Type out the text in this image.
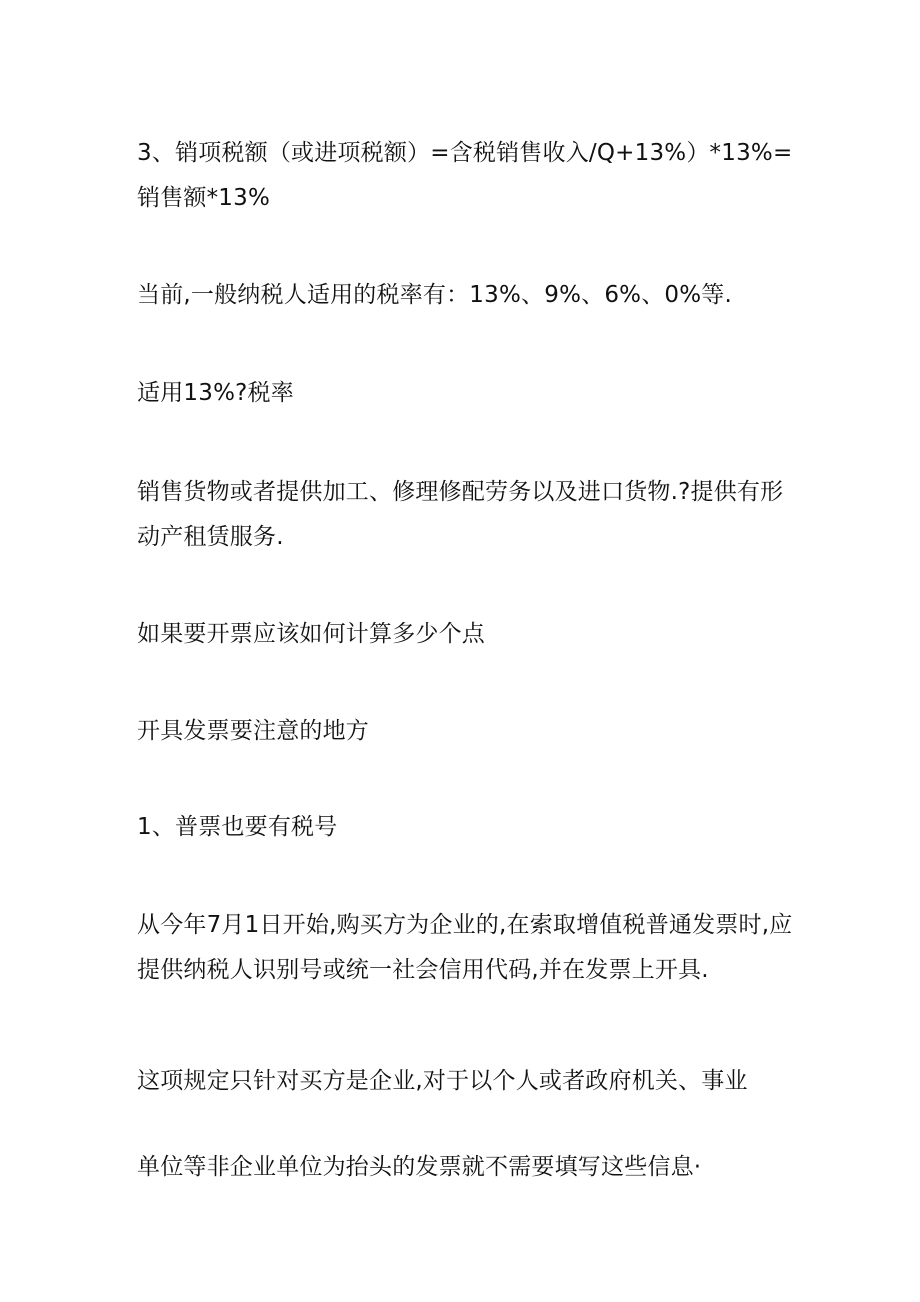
3、销项税额（或进项税额）=含税销售收入/Q+13%）*13%=销售额*13%
当前,一般纳税人适用的税率有：13%、9%、6%、0%等.
适用13%?税率
销售货物或者提供加工、修理修配劳务以及进口货物.?提供有形动产租赁服务.
如果要开票应该如何计算多少个点
开具发票要注意的地方
1、普票也要有税号
从今年7月1日开始,购买方为企业的,在索取增值税普通发票时,应提供纳税人识别号或统一社会信用代码,并在发票上开具.
这项规定只针对买方是企业,对于以个人或者政府机关、事业
单位等非企业单位为抬头的发票就不需要填写这些信息·
